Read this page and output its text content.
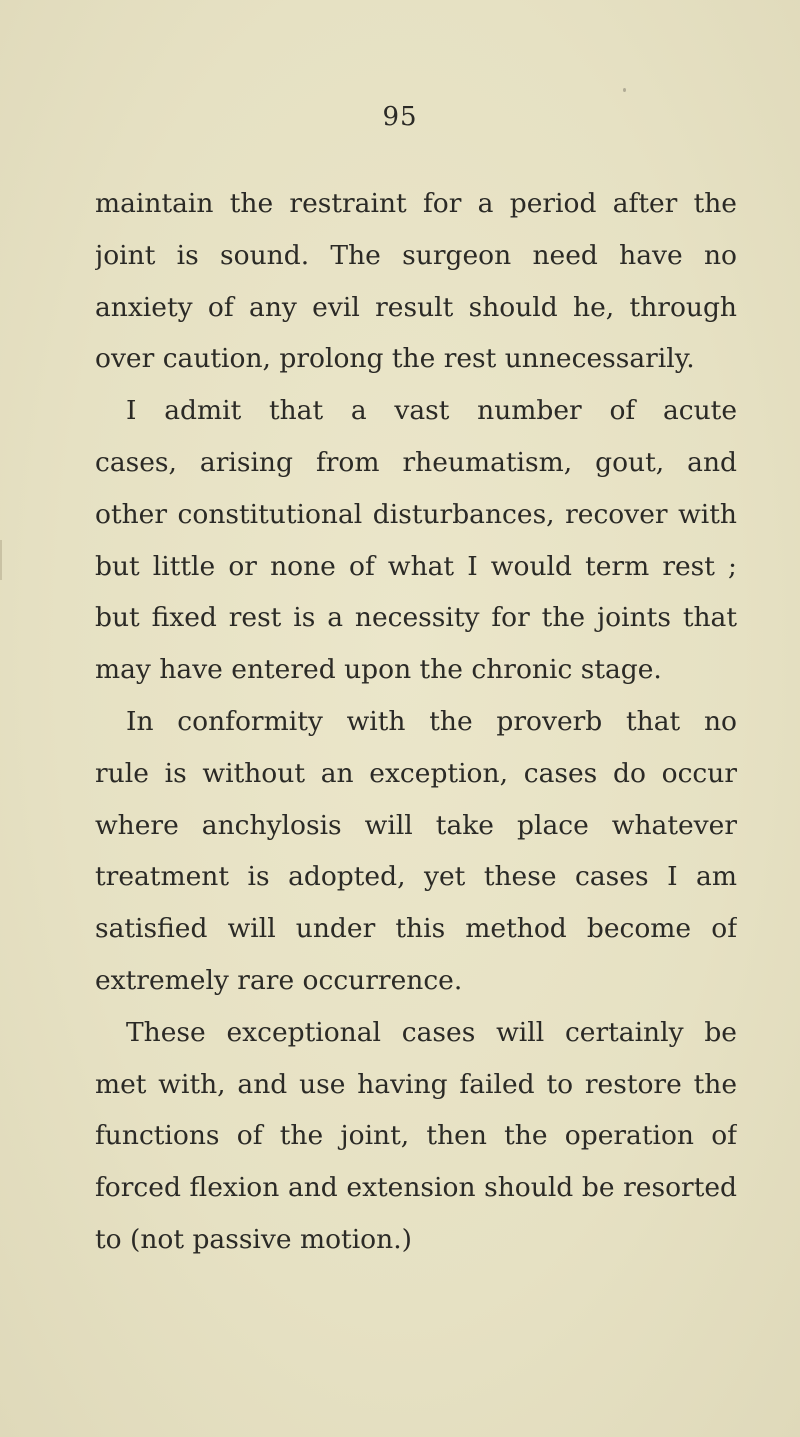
95
maintain the restraint for a period after the
joint is sound. The surgeon need have no
anxiety of any evil result should he, through
over caution, prolong the rest unnecessarily.
I admit that a vast number of acute
cases, arising from rheumatism, gout, and
other constitutional disturbances, recover with
but little or none of what I would term rest ;
but fixed rest is a necessity for the joints that
may have entered upon the chronic stage.
In conformity with the proverb that no
rule is without an exception, cases do occur
where anchylosis will take place whatever
treatment is adopted, yet these cases I am
satisfied will under this method become of
extremely rare occurrence.
These exceptional cases will certainly be
met with, and use having failed to restore the
functions of the joint, then the operation of
forced flexion and extension should be resorted
to (not passive motion.)
